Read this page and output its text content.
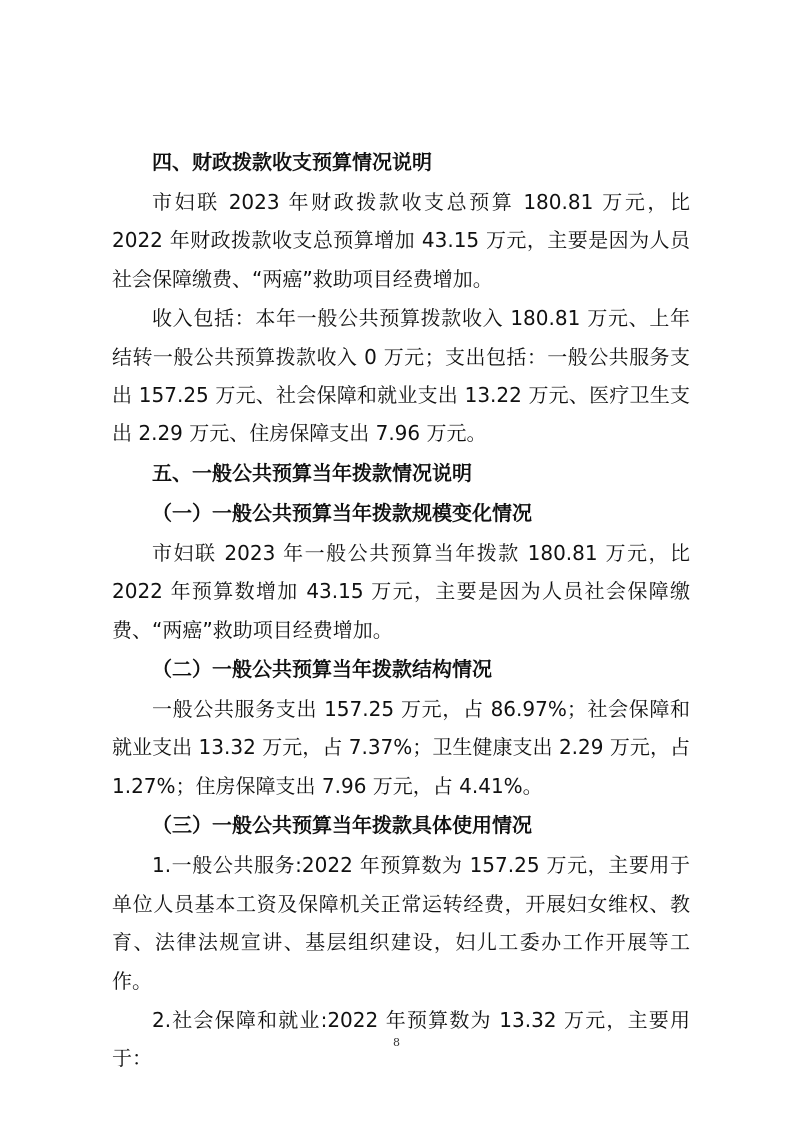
四、财政拨款收支预算情况说明

市妇联 2023 年财政拨款收支总预算 180.81 万元，比 2022 年财政拨款收支总预算增加 43.15 万元，主要是因为人员社会保障缴费、“两癌”救助项目经费增加。

收入包括：本年一般公共预算拨款收入 180.81 万元、上年结转一般公共预算拨款收入 0 万元；支出包括：一般公共服务支出 157.25 万元、社会保障和就业支出 13.22 万元、医疗卫生支出 2.29 万元、住房保障支出 7.96 万元。

五、一般公共预算当年拨款情况说明

（一）一般公共预算当年拨款规模变化情况

市妇联 2023 年一般公共预算当年拨款 180.81 万元，比 2022 年预算数增加 43.15 万元，主要是因为人员社会保障缴费、“两癌”救助项目经费增加。

（二）一般公共预算当年拨款结构情况

一般公共服务支出 157.25 万元，占 86.97%；社会保障和就业支出 13.32 万元，占 7.37%；卫生健康支出 2.29 万元，占 1.27%；住房保障支出 7.96 万元，占 4.41%。

（三）一般公共预算当年拨款具体使用情况

1.一般公共服务:2022 年预算数为 157.25 万元，主要用于单位人员基本工资及保障机关正常运转经费，开展妇女维权、教育、法律法规宣讲、基层组织建设，妇儿工委办工作开展等工作。

2.社会保障和就业:2022 年预算数为 13.32 万元，主要用于：

8
